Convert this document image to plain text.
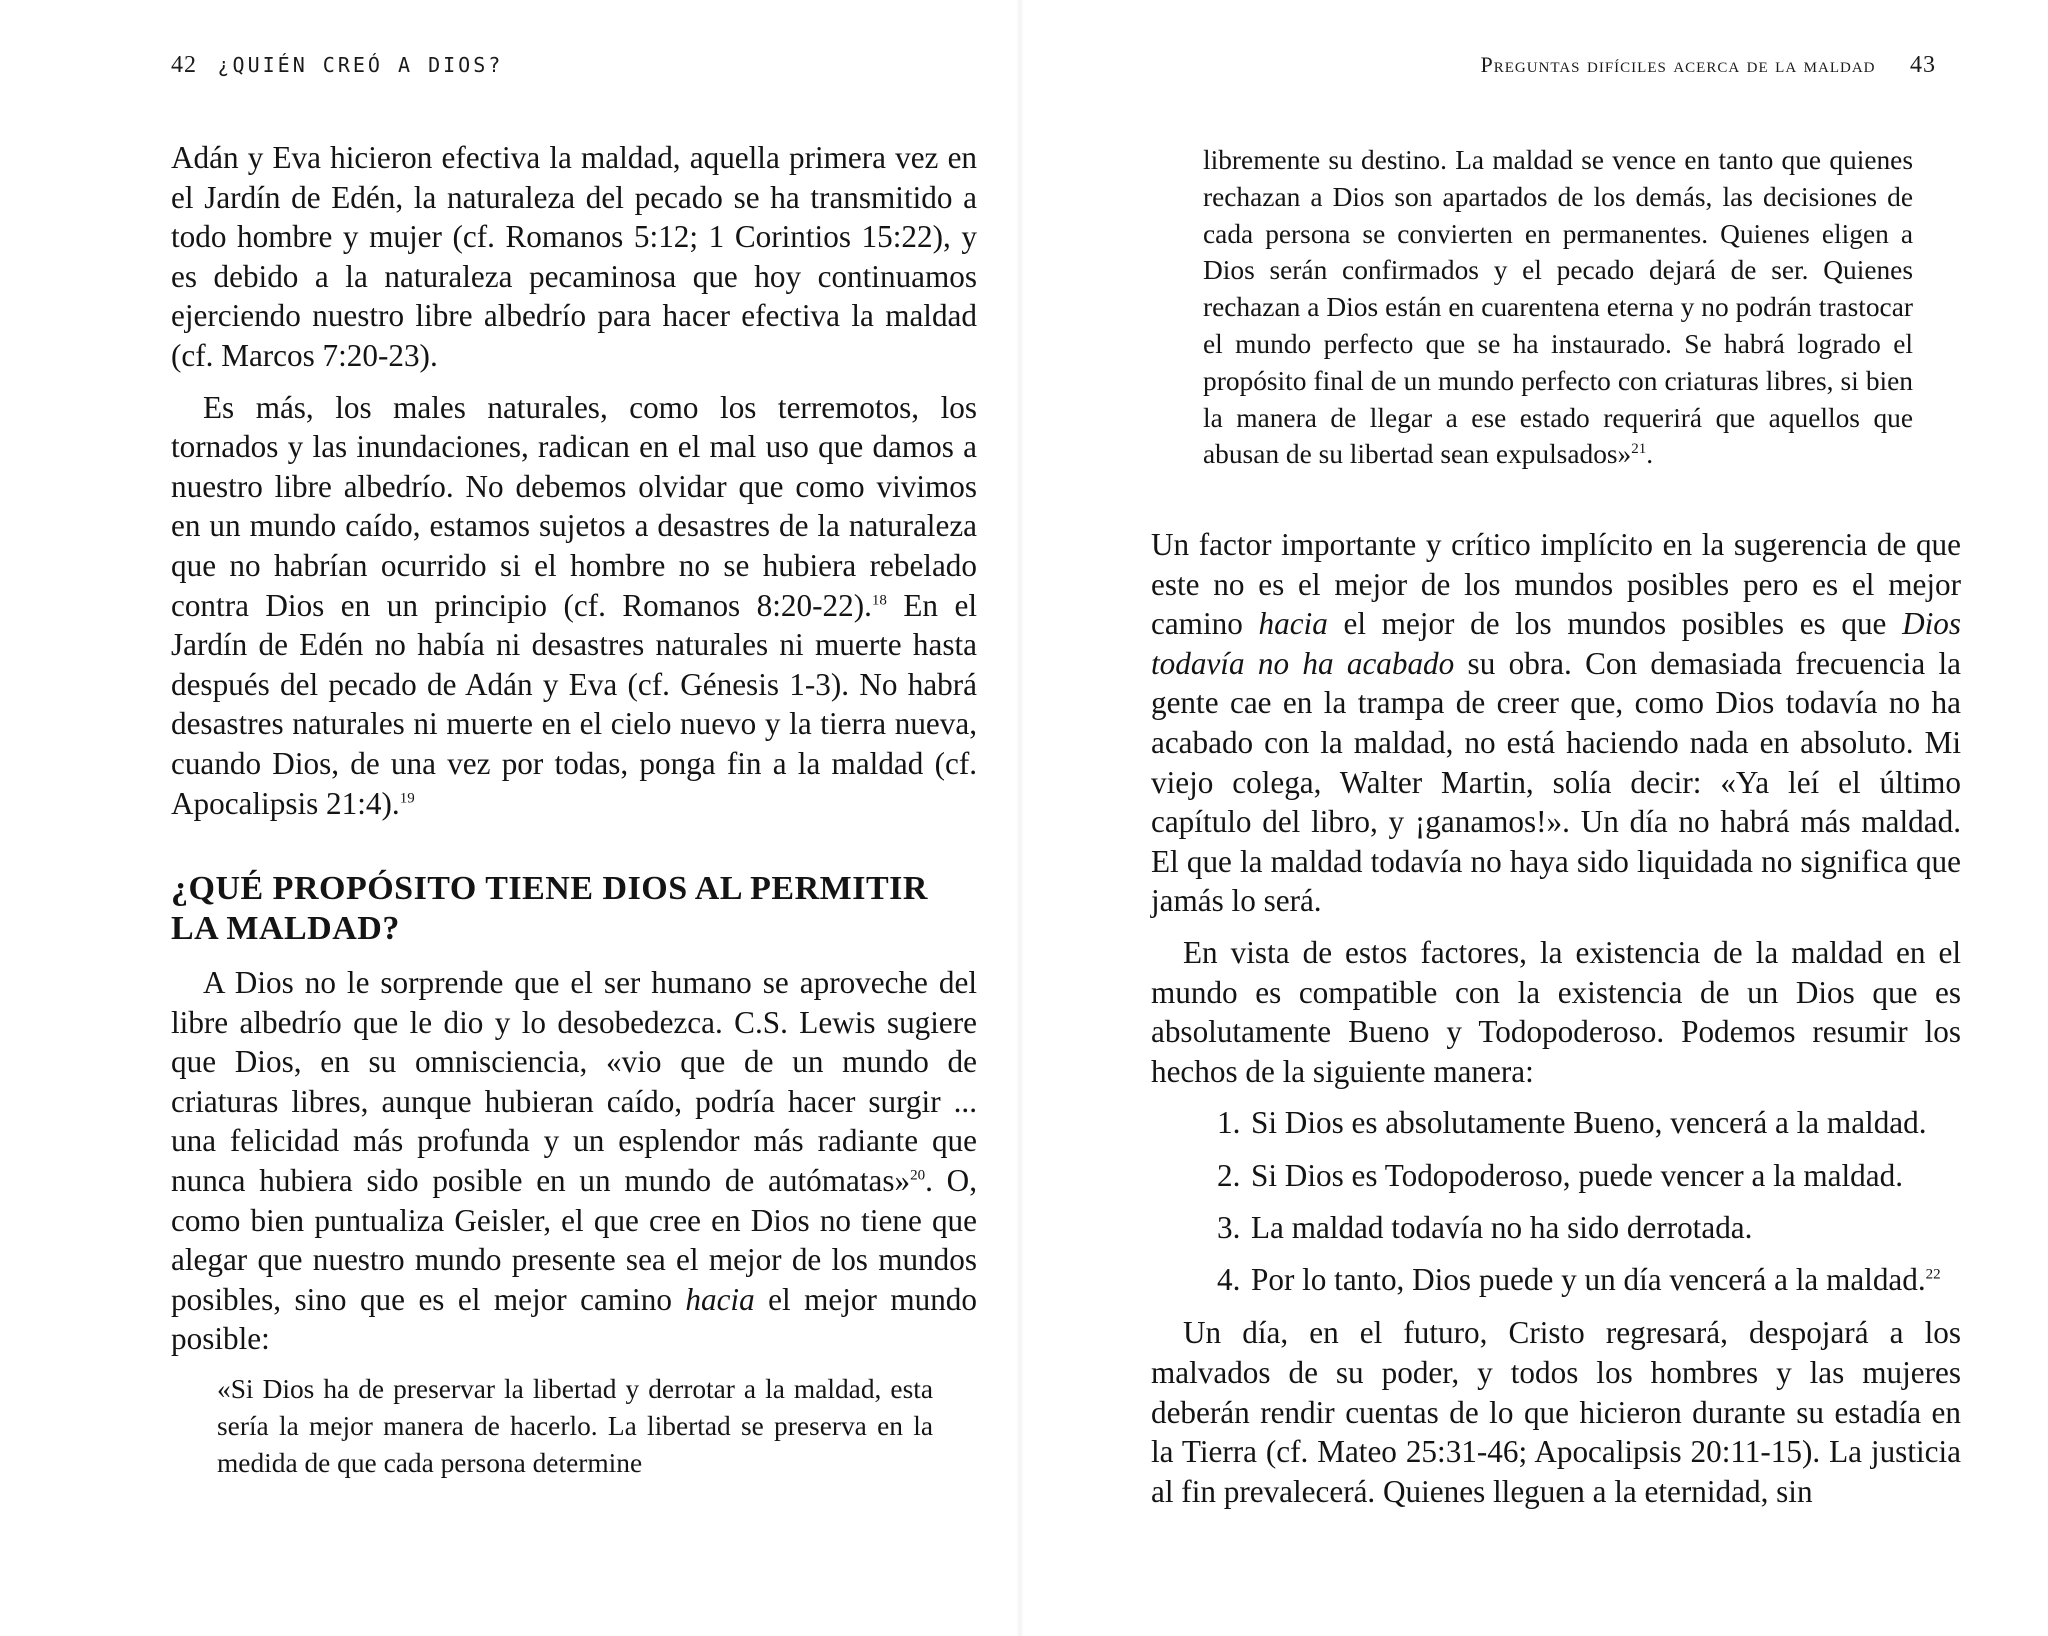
42 ¿QUIÉN CREÓ A DIOS?

Adán y Eva hicieron efectiva la maldad, aquella primera vez en el Jardín de Edén, la naturaleza del pecado se ha transmitido a todo hombre y mujer (cf. Romanos 5:12; 1 Corintios 15:22), y es debido a la naturaleza pecaminosa que hoy continuamos ejerciendo nuestro libre albedrío para hacer efectiva la maldad (cf. Marcos 7:20-23).

Es más, los males naturales, como los terremotos, los tornados y las inundaciones, radican en el mal uso que damos a nuestro libre albedrío. No debemos olvidar que como vivimos en un mundo caído, estamos sujetos a desastres de la naturaleza que no habrían ocurrido si el hombre no se hubiera rebelado contra Dios en un principio (cf. Romanos 8:20-22).$^{18}$ En el Jardín de Edén no había ni desastres naturales ni muerte hasta después del pecado de Adán y Eva (cf. Génesis 1-3). No habrá desastres naturales ni muerte en el cielo nuevo y la tierra nueva, cuando Dios, de una vez por todas, ponga fin a la maldad (cf. Apocalipsis 21:4).$^{19}$

¿QUÉ PROPÓSITO TIENE DIOS AL PERMITIR LA MALDAD?

A Dios no le sorprende que el ser humano se aproveche del libre albedrío que le dio y lo desobedezca. C.S. Lewis sugiere que Dios, en su omnisciencia, «vio que de un mundo de criaturas libres, aunque hubieran caído, podría hacer surgir ... una felicidad más profunda y un esplendor más radiante que nunca hubiera sido posible en un mundo de autómatas»$^{20}$. O, como bien puntualiza Geisler, el que cree en Dios no tiene que alegar que nuestro mundo presente sea el mejor de los mundos posibles, sino que es el mejor camino hacia el mejor mundo posible:

«Si Dios ha de preservar la libertad y derrotar a la maldad, esta sería la mejor manera de hacerlo. La libertad se preserva en la medida de que cada persona determine
Preguntas difíciles acerca de la maldad 43
libremente su destino. La maldad se vence en tanto que quienes rechazan a Dios son apartados de los demás, las decisiones de cada persona se convierten en permanentes. Quienes eligen a Dios serán confirmados y el pecado dejará de ser. Quienes rechazan a Dios están en cuarentena eterna y no podrán trastocar el mundo perfecto que se ha instaurado. Se habrá logrado el propósito final de un mundo perfecto con criaturas libres, si bien la manera de llegar a ese estado requerirá que aquellos que abusan de su libertad sean expulsados»$^{21}$.

Un factor importante y crítico implícito en la sugerencia de que este no es el mejor de los mundos posibles pero es el mejor camino hacia el mejor de los mundos posibles es que Dios todavía no ha acabado su obra. Con demasiada frecuencia la gente cae en la trampa de creer que, como Dios todavía no ha acabado con la maldad, no está haciendo nada en absoluto. Mi viejo colega, Walter Martin, solía decir: «Ya leí el último capítulo del libro, y ¡ganamos!». Un día no habrá más maldad. El que la maldad todavía no haya sido liquidada no significa que jamás lo será.

En vista de estos factores, la existencia de la maldad en el mundo es compatible con la existencia de un Dios que es absolutamente Bueno y Todopoderoso. Podemos resumir los hechos de la siguiente manera:

1. Si Dios es absolutamente Bueno, vencerá a la maldad.
2. Si Dios es Todopoderoso, puede vencer a la maldad.
3. La maldad todavía no ha sido derrotada.
4. Por lo tanto, Dios puede y un día vencerá a la maldad.$^{22}$

Un día, en el futuro, Cristo regresará, despojará a los malvados de su poder, y todos los hombres y las mujeres deberán rendir cuentas de lo que hicieron durante su estadía en la Tierra (cf. Mateo 25:31-46; Apocalipsis 20:11-15). La justicia al fin prevalecerá. Quienes lleguen a la eternidad, sin
